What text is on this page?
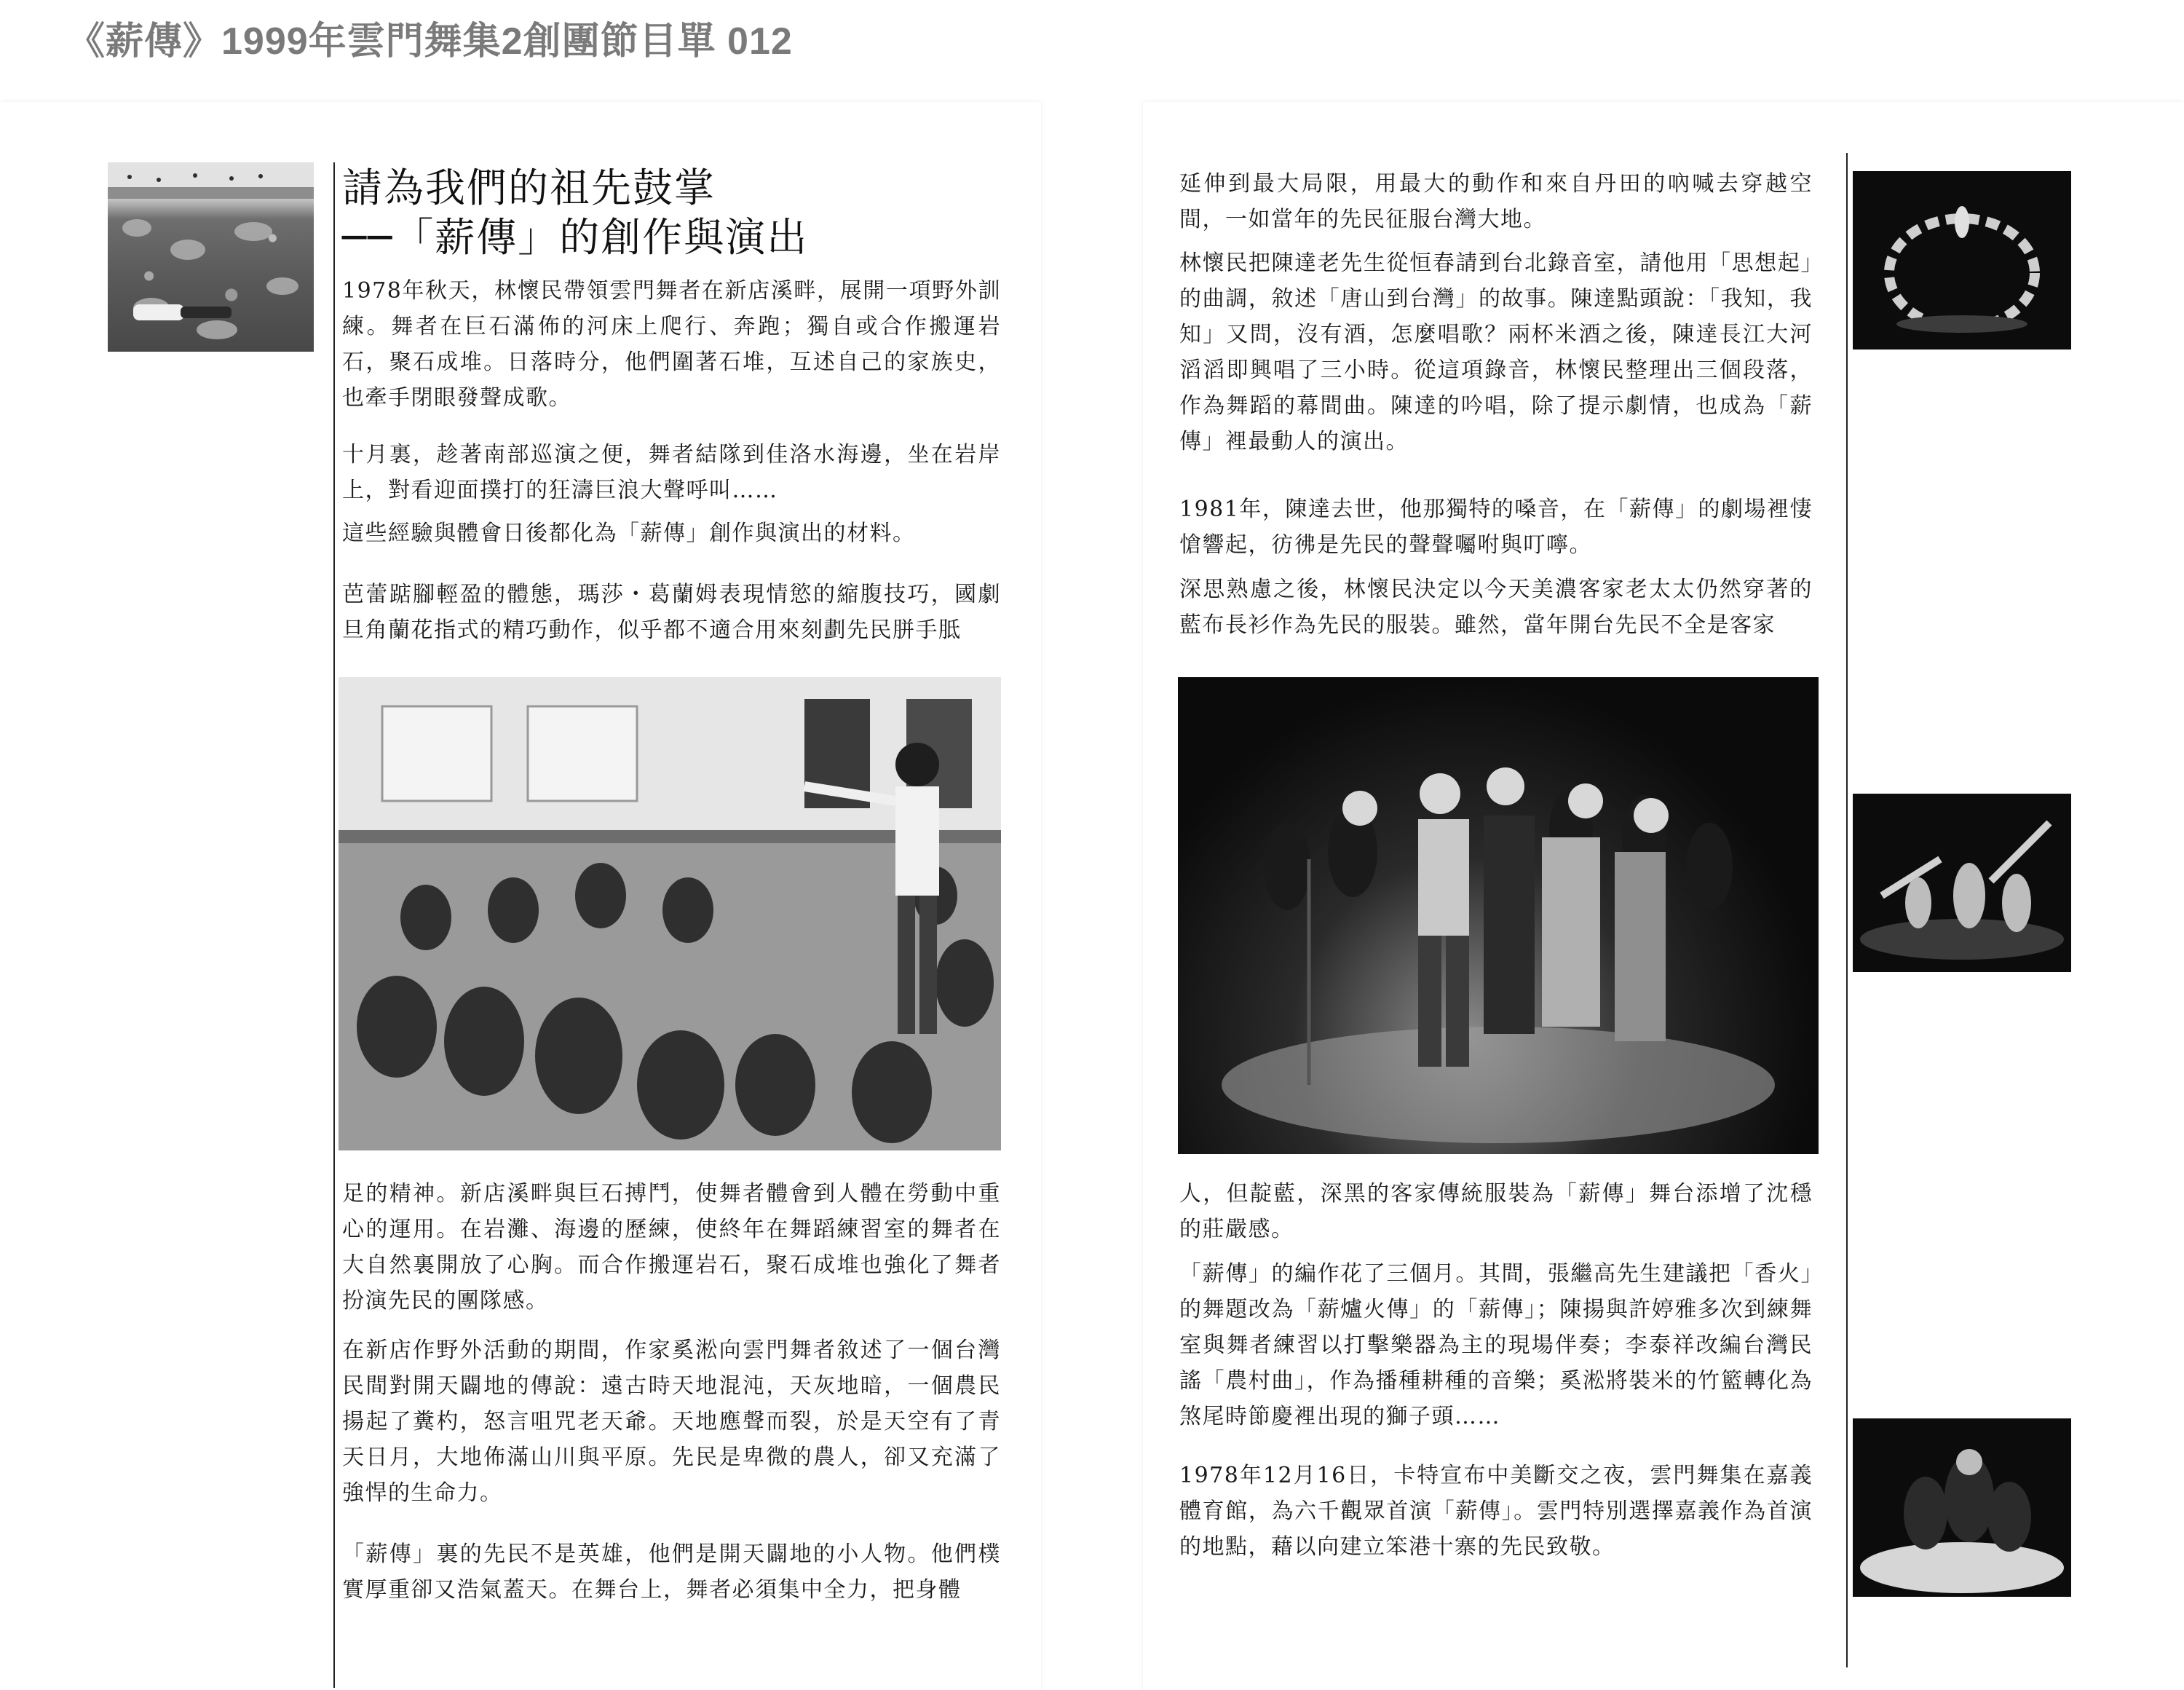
《薪傳》1999年雲門舞集2創團節目單 012
請為我們的祖先鼓掌
──「薪傳」的創作與演出

1978年秋天，林懷民帶領雲門舞者在新店溪畔，展開一項野外訓練。舞者在巨石滿佈的河床上爬行、奔跑；獨自或合作搬運岩石，聚石成堆。日落時分，他們圍著石堆，互述自己的家族史，也牽手閉眼發聲成歌。

十月裏，趁著南部巡演之便，舞者結隊到佳洛水海邊，坐在岩岸上，對看迎面撲打的狂濤巨浪大聲呼叫……

這些經驗與體會日後都化為「薪傳」創作與演出的材料。

芭蕾踮腳輕盈的體態，瑪莎・葛蘭姆表現情慾的縮腹技巧，國劇旦角蘭花指式的精巧動作，似乎都不適合用來刻劃先民胼手胝

足的精神。新店溪畔與巨石搏鬥，使舞者體會到人體在勞動中重心的運用。在岩灘、海邊的歷練，使終年在舞蹈練習室的舞者在大自然裏開放了心胸。而合作搬運岩石，聚石成堆也強化了舞者扮演先民的團隊感。

在新店作野外活動的期間，作家奚淞向雲門舞者敘述了一個台灣民間對開天闢地的傳說：遠古時天地混沌，天灰地暗，一個農民揚起了糞杓，怒言咀咒老天爺。天地應聲而裂，於是天空有了青天日月，大地佈滿山川與平原。先民是卑微的農人，卻又充滿了強悍的生命力。

「薪傳」裏的先民不是英雄，他們是開天闢地的小人物。他們樸實厚重卻又浩氣蓋天。在舞台上，舞者必須集中全力，把身體

延伸到最大局限，用最大的動作和來自丹田的吶喊去穿越空間，一如當年的先民征服台灣大地。

林懷民把陳達老先生從恒春請到台北錄音室，請他用「思想起」的曲調，敘述「唐山到台灣」的故事。陳達點頭說：「我知，我知」又問，沒有酒，怎麼唱歌？兩杯米酒之後，陳達長江大河滔滔即興唱了三小時。從這項錄音，林懷民整理出三個段落，作為舞蹈的幕間曲。陳達的吟唱，除了提示劇情，也成為「薪傳」裡最動人的演出。

1981年，陳達去世，他那獨特的嗓音，在「薪傳」的劇場裡悽愴響起，彷彿是先民的聲聲囑咐與叮嚀。

深思熟慮之後，林懷民決定以今天美濃客家老太太仍然穿著的藍布長衫作為先民的服裝。雖然，當年開台先民不全是客家

人，但靛藍，深黑的客家傳統服裝為「薪傳」舞台添增了沈穩的莊嚴感。

「薪傳」的編作花了三個月。其間，張繼高先生建議把「香火」的舞題改為「薪爐火傳」的「薪傳」；陳揚與許婷雅多次到練舞室與舞者練習以打擊樂器為主的現場伴奏；李泰祥改編台灣民謠「農村曲」，作為播種耕種的音樂；奚淞將裝米的竹籃轉化為煞尾時節慶裡出現的獅子頭……

1978年12月16日，卡特宣布中美斷交之夜，雲門舞集在嘉義體育館，為六千觀眾首演「薪傳」。雲門特別選擇嘉義作為首演的地點，藉以向建立笨港十寨的先民致敬。
